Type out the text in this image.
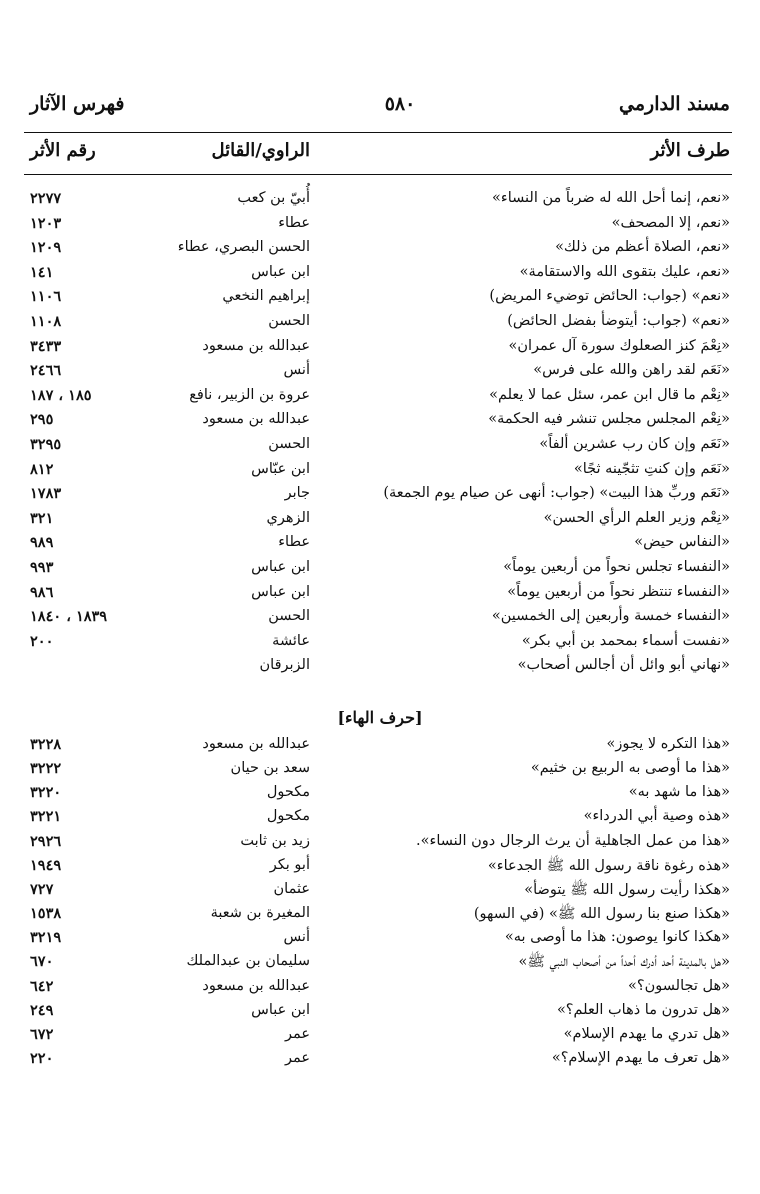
مسند الدارمي
٥٨٠
فهرس الآثار
طرف الأثر
الراوي/القائل
رقم الأثر
«نعم، إنما أحل الله له ضرباً من النساء»
أُبيّ بن كعب
٢٢٧٧
«نعم، إلا المصحف»
عطاء
١٢٠٣
«نعم، الصلاة أعظم من ذلك»
الحسن البصري، عطاء
١٢٠٩
«نعم، عليك بتقوى الله والاستقامة»
ابن عباس
١٤١
«نعم» (جواب: الحائض توضيء المريض)
إبراهيم النخعي
١١٠٦
«نعم» (جواب: أيتوضأ بفضل الحائض)
الحسن
١١٠٨
«نِعْمَ كنز الصعلوك سورة آل عمران»
عبدالله بن مسعود
٣٤٣٣
«نَعَم لقد راهن والله على فرس»
أنس
٢٤٦٦
«نِعْم ما قال ابن عمر، سئل عما لا يعلم»
عروة بن الزبير، نافع
١٨٥ ، ١٨٧
«نِعْم المجلس مجلس تنشر فيه الحكمة»
عبدالله بن مسعود
٢٩٥
«نَعَم وإن كان رب عشرين ألفاً»
الحسن
٣٢٩٥
«نَعَم وإن كنتِ تثجّينه ثجًا»
ابن عبّاس
٨١٢
«نَعَم وربِّ هذا البيت» (جواب: أنهى عن صيام يوم الجمعة)
جابر
١٧٨٣
«نِعْم وزير العلم الرأي الحسن»
الزهري
٣٢١
«النفاس حيض»
عطاء
٩٨٩
«النفساء تجلس نحواً من أربعين يوماً»
ابن عباس
٩٩٣
«النفساء تنتظر نحواً من أربعين يوماً»
ابن عباس
٩٨٦
«النفساء خمسة وأربعين إلى الخمسين»
الحسن
١٨٣٩ ، ١٨٤٠
«نفست أسماء بمحمد بن أبي بكر»
عائشة
٢٠٠
«نهاني أبو وائل أن أجالس أصحاب»
الزبرقان
«هذا التكره لا يجوز»
عبدالله بن مسعود
٣٢٢٨
«هذا ما أوصى به الربيع بن خثيم»
سعد بن حيان
٣٢٢٢
«هذا ما شهد به»
مكحول
٣٢٢٠
«هذه وصية أبي الدرداء»
مكحول
٣٢٢١
«هذا من عمل الجاهلية أن يرث الرجال دون النساء».
زيد بن ثابت
٢٩٢٦
«هذه رغوة ناقة رسول الله ﷺ الجدعاء»
أبو بكر
١٩٤٩
«هكذا رأيت رسول الله ﷺ يتوضأ»
عثمان
٧٢٧
«هكذا صنع بنا رسول الله ﷺ» (في السهو)
المغيرة بن شعبة
١٥٣٨
«هكذا كانوا يوصون: هذا ما أوصى به»
أنس
٣٢١٩
«هل بالمدينة أحد أدرك أحداً من أصحاب النبي ﷺ»
سليمان بن عبدالملك
٦٧٠
«هل تجالسون؟»
عبدالله بن مسعود
٦٤٢
«هل تدرون ما ذهاب العلم؟»
ابن عباس
٢٤٩
«هل تدري ما يهدم الإسلام»
عمر
٦٧٢
«هل تعرف ما يهدم الإسلام؟»
عمر
٢٢٠
[حرف الهاء]
